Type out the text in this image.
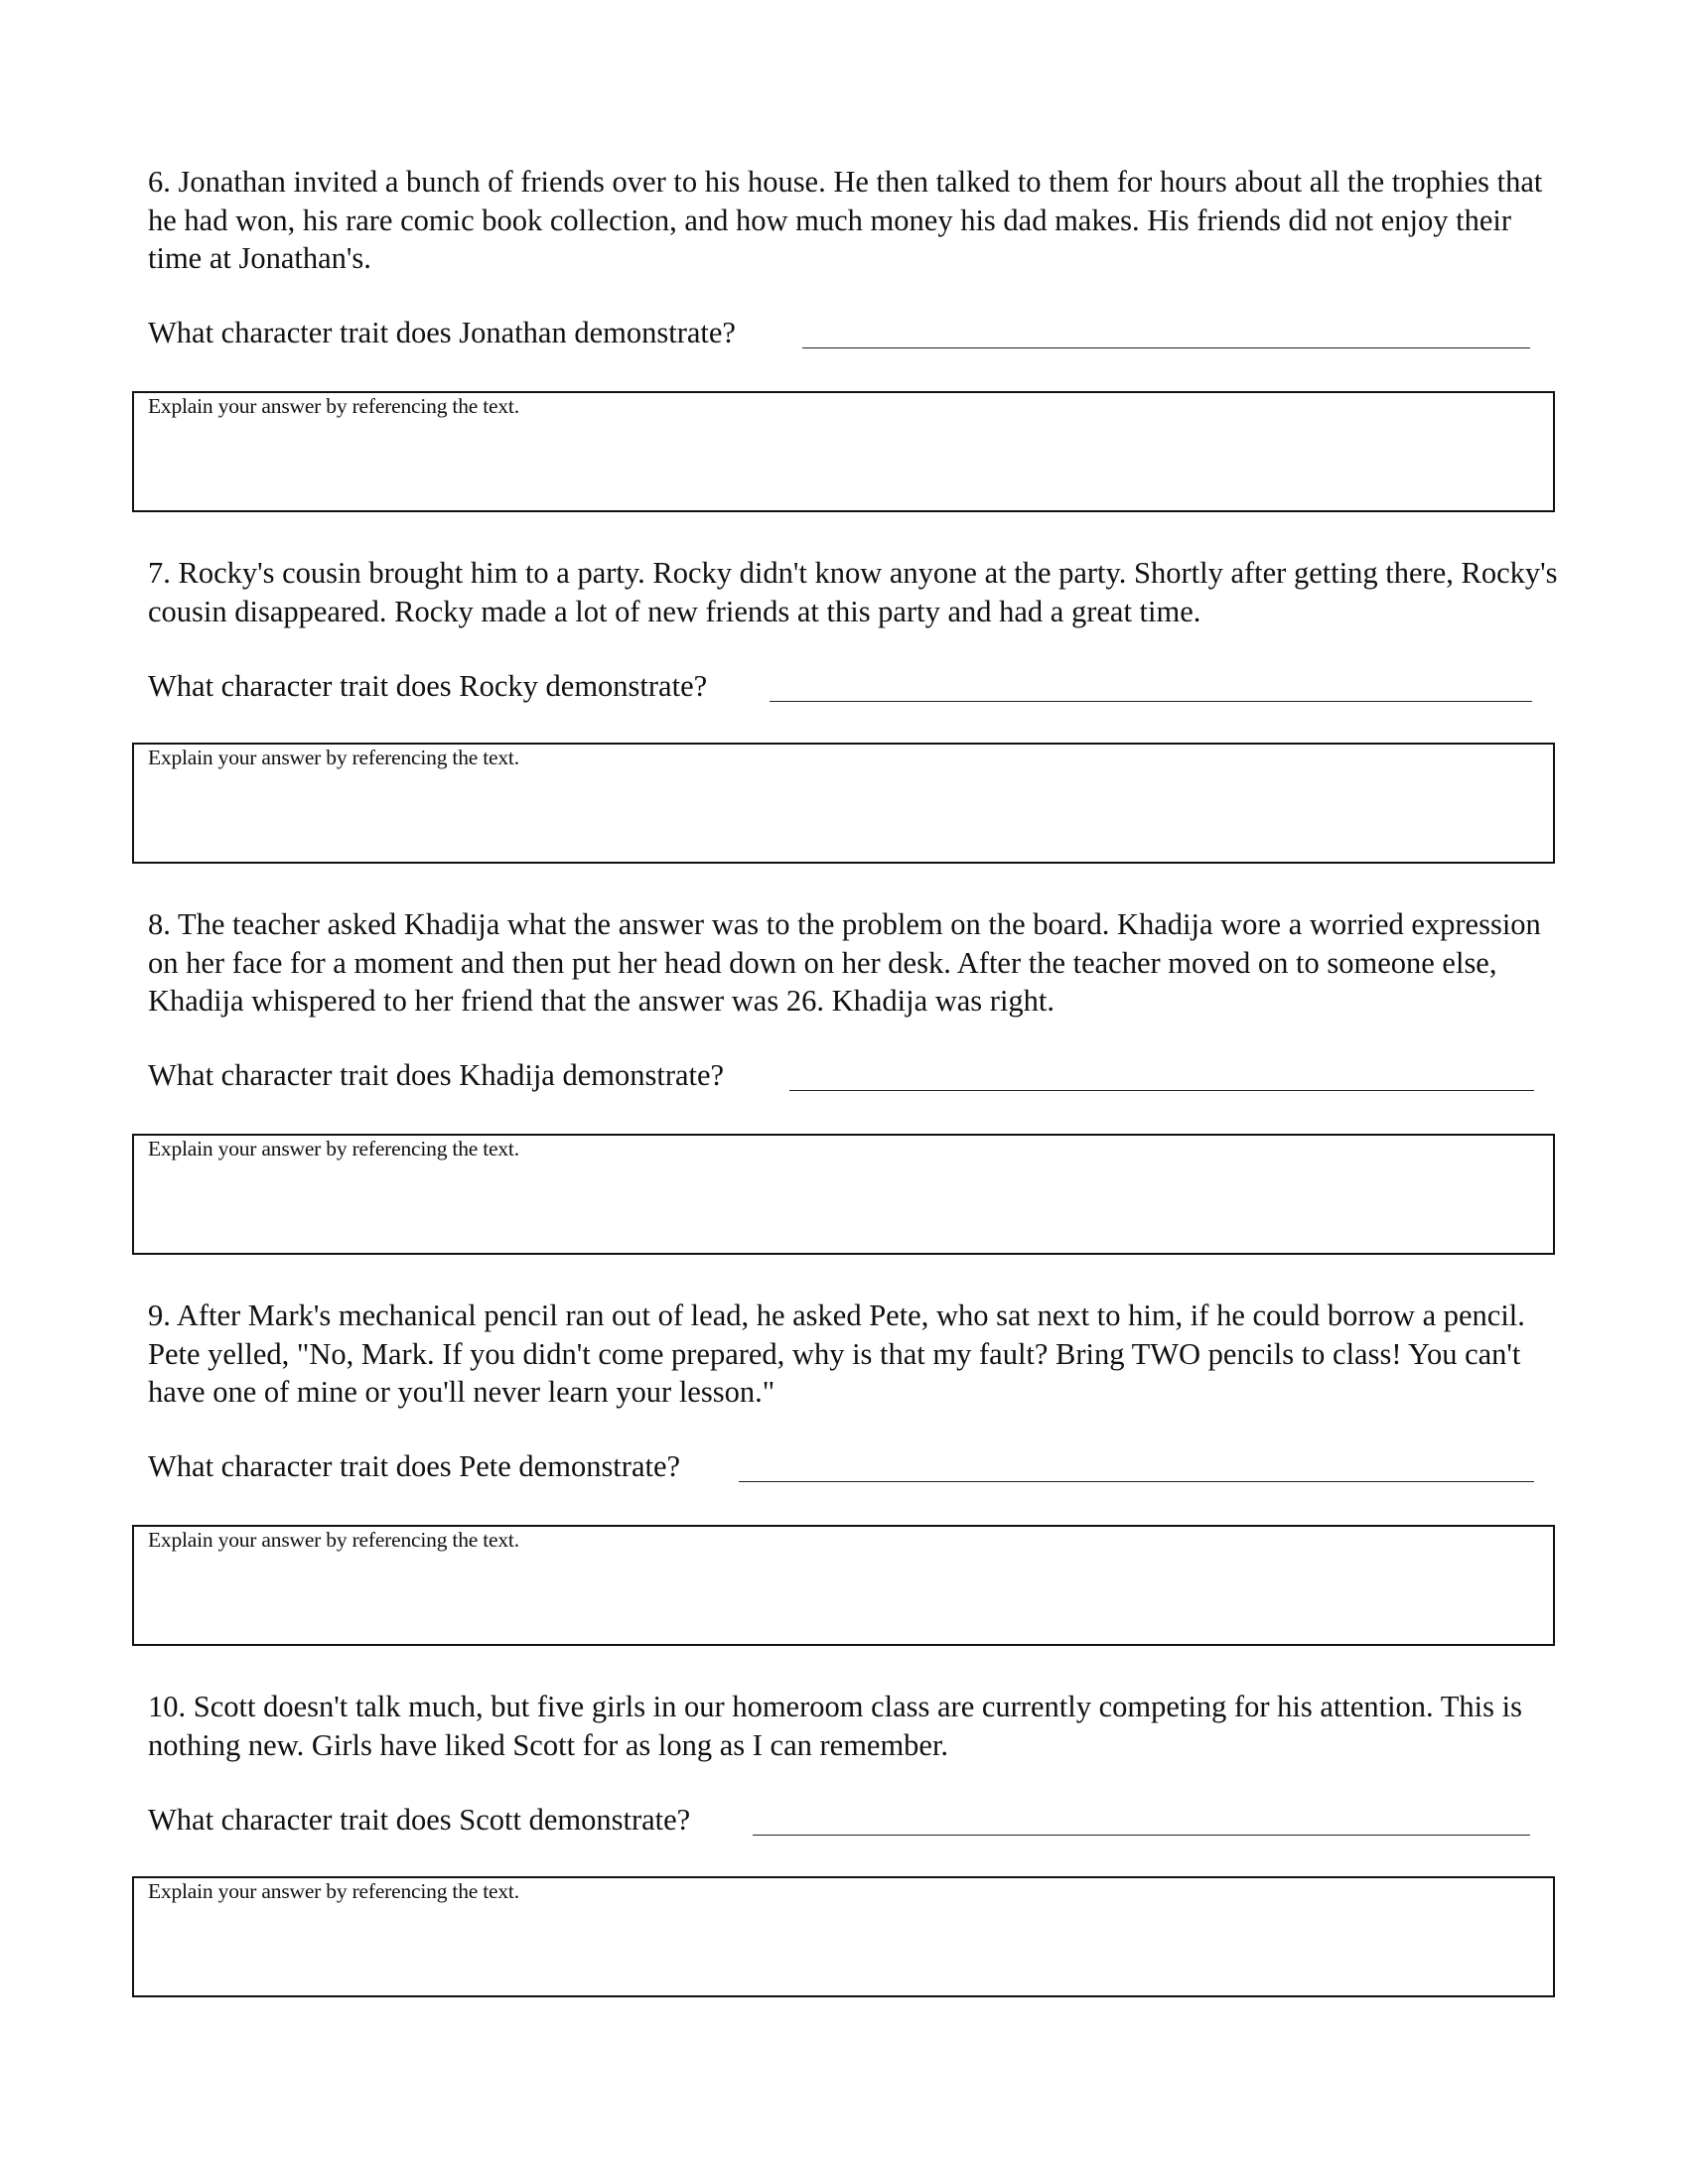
6. Jonathan invited a bunch of friends over to his house. He then talked to them for hours about all the trophies that he had won, his rare comic book collection, and how much money his dad makes. His friends did not enjoy their time at Jonathan's.

What character trait does Jonathan demonstrate?
Explain your answer by referencing the text.

7. Rocky's cousin brought him to a party. Rocky didn't know anyone at the party. Shortly after getting there, Rocky's cousin disappeared. Rocky made a lot of new friends at this party and had a great time.

What character trait does Rocky demonstrate?
Explain your answer by referencing the text.

8. The teacher asked Khadija what the answer was to the problem on the board. Khadija wore a worried expression on her face for a moment and then put her head down on her desk. After the teacher moved on to someone else, Khadija whispered to her friend that the answer was 26. Khadija was right.

What character trait does Khadija demonstrate?
Explain your answer by referencing the text.

9. After Mark's mechanical pencil ran out of lead, he asked Pete, who sat next to him, if he could borrow a pencil. Pete yelled, "No, Mark. If you didn't come prepared, why is that my fault? Bring TWO pencils to class! You can't have one of mine or you'll never learn your lesson."

What character trait does Pete demonstrate?
Explain your answer by referencing the text.

10. Scott doesn't talk much, but five girls in our homeroom class are currently competing for his attention. This is nothing new. Girls have liked Scott for as long as I can remember.

What character trait does Scott demonstrate?
Explain your answer by referencing the text.
